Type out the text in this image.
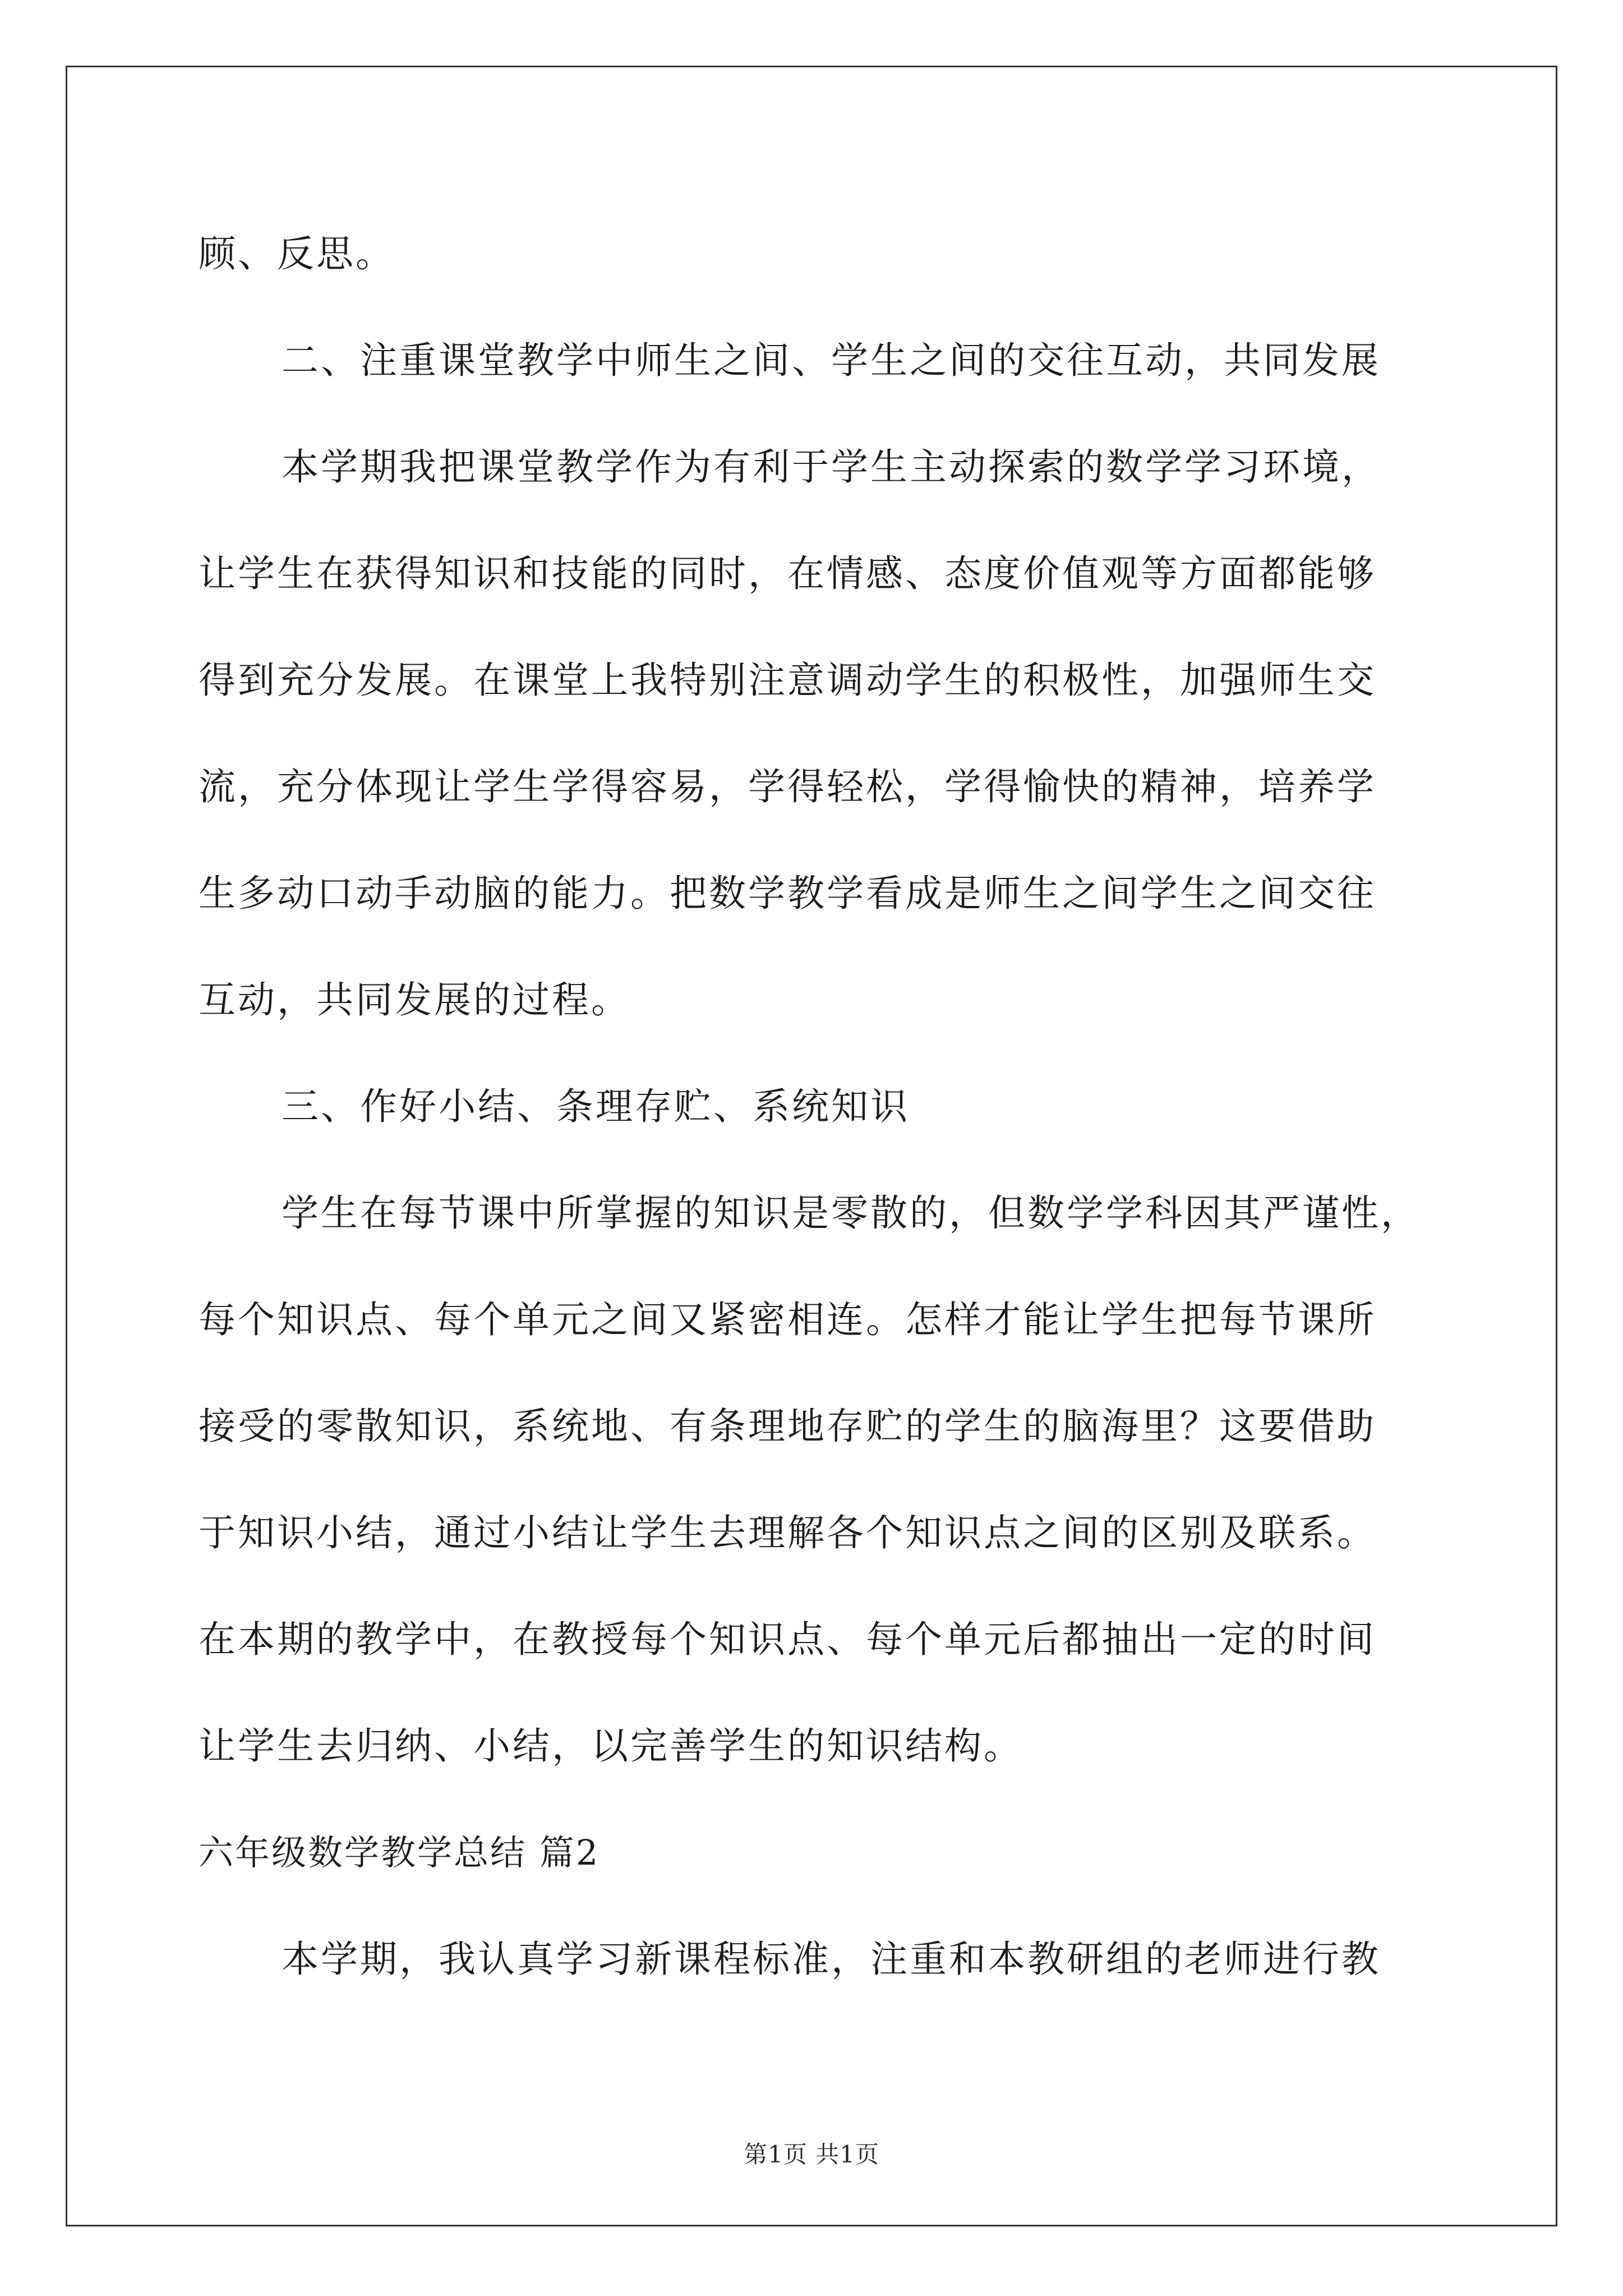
顾、反思。
二、注重课堂教学中师生之间、学生之间的交往互动，共同发展
本学期我把课堂教学作为有利于学生主动探索的数学学习环境，
让学生在获得知识和技能的同时，在情感、态度价值观等方面都能够
得到充分发展。在课堂上我特别注意调动学生的积极性，加强师生交
流，充分体现让学生学得容易，学得轻松，学得愉快的精神，培养学
生多动口动手动脑的能力。把数学教学看成是师生之间学生之间交往
互动，共同发展的过程。
三、作好小结、条理存贮、系统知识
学生在每节课中所掌握的知识是零散的，但数学学科因其严谨性，
每个知识点、每个单元之间又紧密相连。怎样才能让学生把每节课所
接受的零散知识，系统地、有条理地存贮的学生的脑海里？这要借助
于知识小结，通过小结让学生去理解各个知识点之间的区别及联系。
在本期的教学中，在教授每个知识点、每个单元后都抽出一定的时间
让学生去归纳、小结，以完善学生的知识结构。
六年级数学教学总结 篇2
本学期，我认真学习新课程标准，注重和本教研组的老师进行教
第1页 共1页
